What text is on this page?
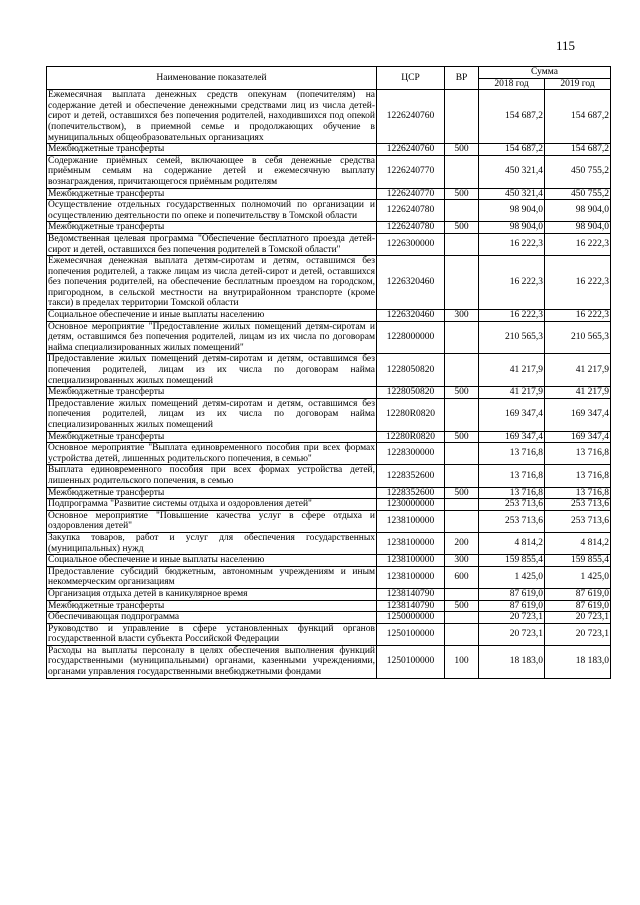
115
Наименование показателей	ЦСР	ВР	Сумма	
			2018 год	2019 год
Ежемесячная выплата денежных средств опекунам (попечителям) на содержание детей и обеспечение денежными средствами лиц из числа детей-сирот и детей, оставшихся без попечения родителей, находившихся под опекой (попечительством), в приемной семье и продолжающих обучение в муниципальных общеобразовательных организациях	1226240760		154 687,2	154 687,2
Межбюджетные трансферты	1226240760	500	154 687,2	154 687,2
Содержание приёмных семей, включающее в себя денежные средства приёмным семьям на содержание детей и ежемесячную выплату вознаграждения, причитающегося приёмным родителям	1226240770		450 321,4	450 755,2
Межбюджетные трансферты	1226240770	500	450 321,4	450 755,2
Осуществление отдельных государственных полномочий по организации и осуществлению деятельности по опеке и попечительству в Томской области	1226240780		98 904,0	98 904,0
Межбюджетные трансферты	1226240780	500	98 904,0	98 904,0
Ведомственная целевая программа "Обеспечение бесплатного проезда детей-сирот и детей, оставшихся без попечения родителей в Томской области"	1226300000		16 222,3	16 222,3
Ежемесячная денежная выплата детям-сиротам и детям, оставшимся без попечения родителей, а также лицам из числа детей-сирот и детей, оставшихся без попечения родителей, на обеспечение бесплатным проездом на городском, пригородном, в сельской местности на внутрирайонном транспорте (кроме такси) в пределах территории Томской области	1226320460		16 222,3	16 222,3
Социальное обеспечение и иные выплаты населению	1226320460	300	16 222,3	16 222,3
Основное мероприятие "Предоставление жилых помещений детям-сиротам и детям, оставшимся без попечения родителей, лицам из их числа по договорам найма специализированных жилых помещений"	1228000000		210 565,3	210 565,3
Предоставление жилых помещений детям-сиротам и детям, оставшимся без попечения родителей, лицам из их числа по договорам найма специализированных жилых помещений	1228050820		41 217,9	41 217,9
Межбюджетные трансферты	1228050820	500	41 217,9	41 217,9
Предоставление жилых помещений детям-сиротам и детям, оставшимся без попечения родителей, лицам из их числа по договорам найма специализированных жилых помещений	12280R0820		169 347,4	169 347,4
Межбюджетные трансферты	12280R0820	500	169 347,4	169 347,4
Основное мероприятие "Выплата единовременного пособия при всех формах устройства детей, лишенных родительского попечения, в семью"	1228300000		13 716,8	13 716,8
Выплата единовременного пособия при всех формах устройства детей, лишенных родительского попечения, в семью	1228352600		13 716,8	13 716,8
Межбюджетные трансферты	1228352600	500	13 716,8	13 716,8
Подпрограмма "Развитие системы отдыха и оздоровления детей"	1230000000		253 713,6	253 713,6
Основное мероприятие "Повышение качества услуг в сфере отдыха и оздоровления детей"	1238100000		253 713,6	253 713,6
Закупка товаров, работ и услуг для обеспечения государственных (муниципальных) нужд	1238100000	200	4 814,2	4 814,2
Социальное обеспечение и иные выплаты населению	1238100000	300	159 855,4	159 855,4
Предоставление субсидий бюджетным, автономным учреждениям и иным некоммерческим организациям	1238100000	600	1 425,0	1 425,0
Организация отдыха детей в каникулярное время	1238140790		87 619,0	87 619,0
Межбюджетные трансферты	1238140790	500	87 619,0	87 619,0
Обеспечивающая подпрограмма	1250000000		20 723,1	20 723,1
Руководство и управление в сфере установленных функций органов государственной власти субъекта Российской Федерации	1250100000		20 723,1	20 723,1
Расходы на выплаты персоналу в целях обеспечения выполнения функций государственными (муниципальными) органами, казенными учреждениями, органами управления государственными внебюджетными фондами	1250100000	100	18 183,0	18 183,0
